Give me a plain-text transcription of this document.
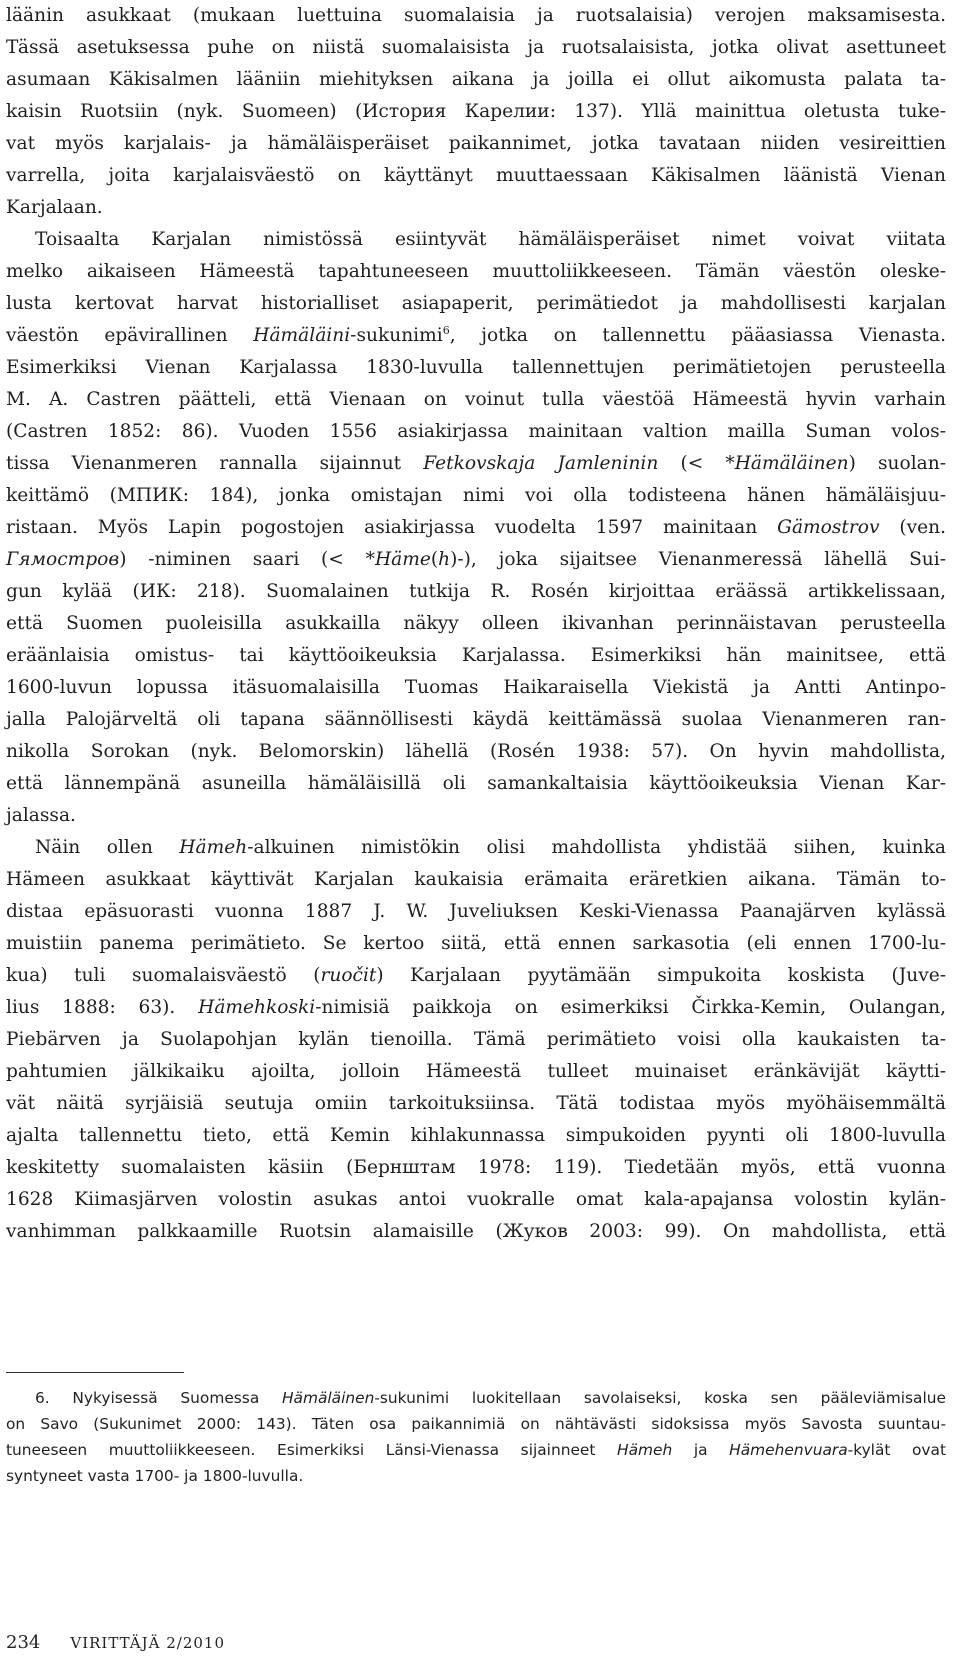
läänin asukkaat (mukaan luettuina suomalaisia ja ruotsalaisia) verojen maksamisesta.
Tässä asetuksessa puhe on niistä suomalaisista ja ruotsalaisista, jotka olivat asettuneet
asumaan Käkisalmen lääniin miehityksen aikana ja joilla ei ollut aikomusta palata ta-
kaisin Ruotsiin (nyk. Suomeen) (История Карелии: 137). Yllä mainittua oletusta tuke-
vat myös karjalais- ja hämäläisperäiset paikannimet, jotka tavataan niiden vesireittien
varrella, joita karjalaisväestö on käyttänyt muuttaessaan Käkisalmen läänistä Vienan
Karjalaan.
Toisaalta Karjalan nimistössä esiintyvät hämäläisperäiset nimet voivat viitata
melko aikaiseen Hämeestä tapahtuneeseen muuttoliikkeeseen. Tämän väestön oleske-
lusta kertovat harvat historialliset asiapaperit, perimätiedot ja mahdollisesti karjalan
väestön epävirallinen Hämäläini-sukunimi$^6$, jotka on tallennettu pääasiassa Vienasta.
Esimerkiksi Vienan Karjalassa 1830-luvulla tallennettujen perimätietojen perusteella
M. A. Castren päätteli, että Vienaan on voinut tulla väestöä Hämeestä hyvin varhain
(Castren 1852: 86). Vuoden 1556 asiakirjassa mainitaan valtion mailla Suman volos-
tissa Vienanmeren rannalla sijainnut Fetkovskaja Jamleninin (< *Hämäläinen) suolan-
keittämö (МПИК: 184), jonka omistajan nimi voi olla todisteena hänen hämäläisjuu-
ristaan. Myös Lapin pogostojen asiakirjassa vuodelta 1597 mainitaan Gämostrov (ven.
Гямостров) -niminen saari (< *Häme(h)-), joka sijaitsee Vienanmeressä lähellä Sui-
gun kylää (ИК: 218). Suomalainen tutkija R. Rosén kirjoittaa eräässä artikkelissaan,
että Suomen puoleisilla asukkailla näkyy olleen ikivanhan perinnäistavan perusteella
eräänlaisia omistus- tai käyttöoikeuksia Karjalassa. Esimerkiksi hän mainitsee, että
1600-luvun lopussa itäsuomalaisilla Tuomas Haikaraisella Viekistä ja Antti Antinpo-
jalla Palojärveltä oli tapana säännöllisesti käydä keittämässä suolaa Vienanmeren ran-
nikolla Sorokan (nyk. Belomorskin) lähellä (Rosén 1938: 57). On hyvin mahdollista,
että lännempänä asuneilla hämäläisillä oli samankaltaisia käyttöoikeuksia Vienan Kar-
jalassa.
Näin ollen Hämeh-alkuinen nimistökin olisi mahdollista yhdistää siihen, kuinka
Hämeen asukkaat käyttivät Karjalan kaukaisia erämaita eräretkien aikana. Tämän to-
distaa epäsuorasti vuonna 1887 J. W. Juveliuksen Keski-Vienassa Paanajärven kylässä
muistiin panema perimätieto. Se kertoo siitä, että ennen sarkasotia (eli ennen 1700-lu-
kua) tuli suomalaisväestö (ruočit) Karjalaan pyytämään simpukoita koskista (Juve-
lius 1888: 63). Hämehkoski-nimisiä paikkoja on esimerkiksi Čirkka-Kemin, Oulangan,
Piebärven ja Suolapohjan kylän tienoilla. Tämä perimätieto voisi olla kaukaisten ta-
pahtumien jälkikaiku ajoilta, jolloin Hämeestä tulleet muinaiset eränkävijät käytti-
vät näitä syrjäisiä seutuja omiin tarkoituksiinsa. Tätä todistaa myös myöhäisemmältä
ajalta tallennettu tieto, että Kemin kihlakunnassa simpukoiden pyynti oli 1800-luvulla
keskitetty suomalaisten käsiin (Бернштам 1978: 119). Tiedetään myös, että vuonna
1628 Kiimasjärven volostin asukas antoi vuokralle omat kala-apajansa volostin kylän-
vanhimman palkkaamille Ruotsin alamaisille (Жуков 2003: 99). On mahdollista, että
6. Nykyisessä Suomessa Hämäläinen-sukunimi luokitellaan savolaiseksi, koska sen pääleviämisalue
on Savo (Sukunimet 2000: 143). Täten osa paikannimiä on nähtävästi sidoksissa myös Savosta suuntau-
tuneeseen muuttoliikkeeseen. Esimerkiksi Länsi-Vienassa sijainneet Hämeh ja Hämehenvuara-kylät ovat
syntyneet vasta 1700- ja 1800-luvulla.
234 VIRITTÄJÄ 2/2010
